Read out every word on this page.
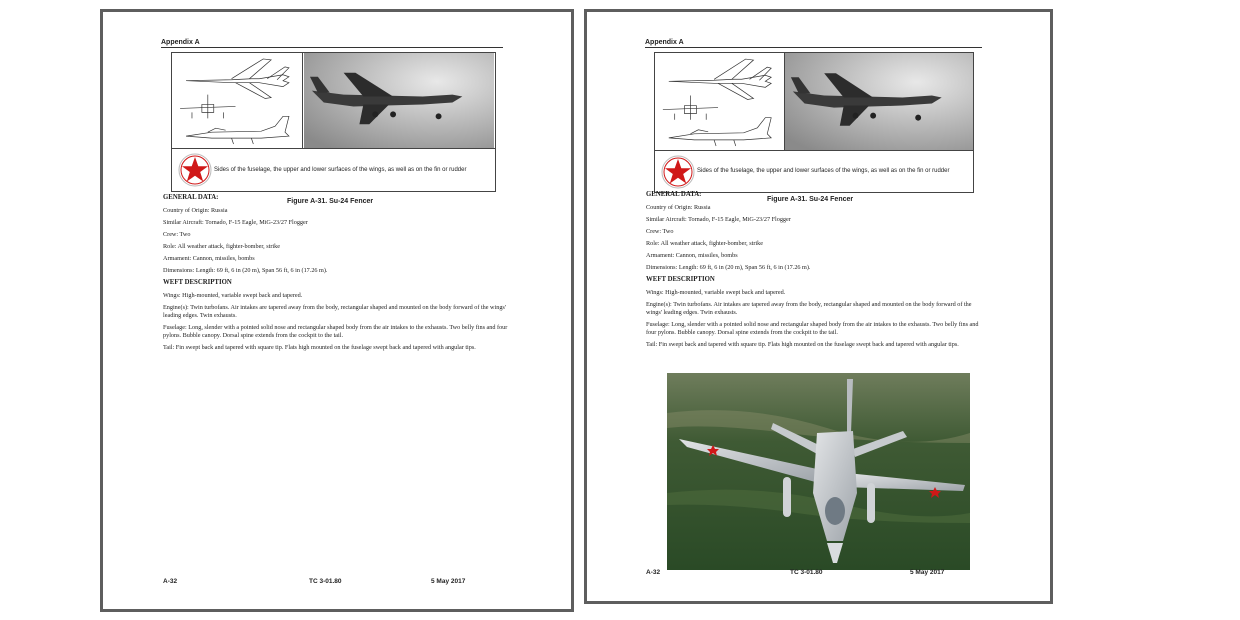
Appendix A
Sides of the fuselage, the upper and lower surfaces of the wings, as well as on the fin or rudder
Figure A-31. Su-24 Fencer
GENERAL DATA:
Country of Origin: Russia
Similar Aircraft: Tornado, F-15 Eagle, MiG-23/27 Flogger
Crew: Two
Role: All weather attack, fighter-bomber, strike
Armament: Cannon, missiles, bombs
Dimensions: Length: 69 ft, 6 in (20 m), Span 56 ft, 6 in (17.26 m).
WEFT DESCRIPTION
Wings: High-mounted, variable swept back and tapered.
Engine(s): Twin turbofans. Air intakes are tapered away from the body, rectangular shaped and mounted on the body forward of the wings' leading edges. Twin exhausts.
Fuselage: Long, slender with a pointed solid nose and rectangular shaped body from the air intakes to the exhausts. Two belly fins and four pylons. Bubble canopy. Dorsal spine extends from the cockpit to the tail.
Tail: Fin swept back and tapered with square tip. Flats high mounted on the fuselage swept back and tapered with angular tips.
A-32	TC 3-01.80	5 May 2017
Appendix A
Sides of the fuselage, the upper and lower surfaces of the wings, as well as on the fin or rudder
Figure A-31. Su-24 Fencer
GENERAL DATA:
Country of Origin: Russia
Similar Aircraft: Tornado, F-15 Eagle, MiG-23/27 Flogger
Crew: Two
Role: All weather attack, fighter-bomber, strike
Armament: Cannon, missiles, bombs
Dimensions: Length: 69 ft, 6 in (20 m), Span 56 ft, 6 in (17.26 m).
WEFT DESCRIPTION
Wings: High-mounted, variable swept back and tapered.
Engine(s): Twin turbofans. Air intakes are tapered away from the body, rectangular shaped and mounted on the body forward of the wings' leading edges. Twin exhausts.
Fuselage: Long, slender with a pointed solid nose and rectangular shaped body from the air intakes to the exhausts. Two belly fins and four pylons. Bubble canopy. Dorsal spine extends from the cockpit to the tail.
Tail: Fin swept back and tapered with square tip. Flats high mounted on the fuselage swept back and tapered with angular tips.
A-32	TC 3-01.80	5 May 2017
